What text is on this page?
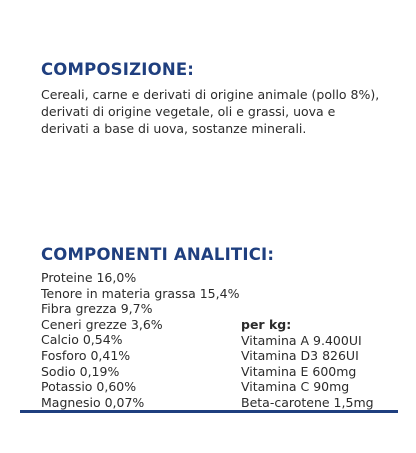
COMPOSIZIONE:

Cereali, carne e derivati di origine animale (pollo 8%), derivati di origine vegetale, oli e grassi, uova e derivati a base di uova, sostanze minerali.

COMPONENTI ANALITICI:
Proteine 16,0%
Tenore in materia grassa 15,4%
Fibra grezza 9,7%
Ceneri grezze 3,6%
Calcio 0,54%
Fosforo 0,41%
Sodio 0,19%
Potassio 0,60%
Magnesio 0,07%

per kg:

Vitamina A 9.400UI
Vitamina D3 826UI
Vitamina E 600mg
Vitamina C 90mg
Beta-carotene 1,5mg
